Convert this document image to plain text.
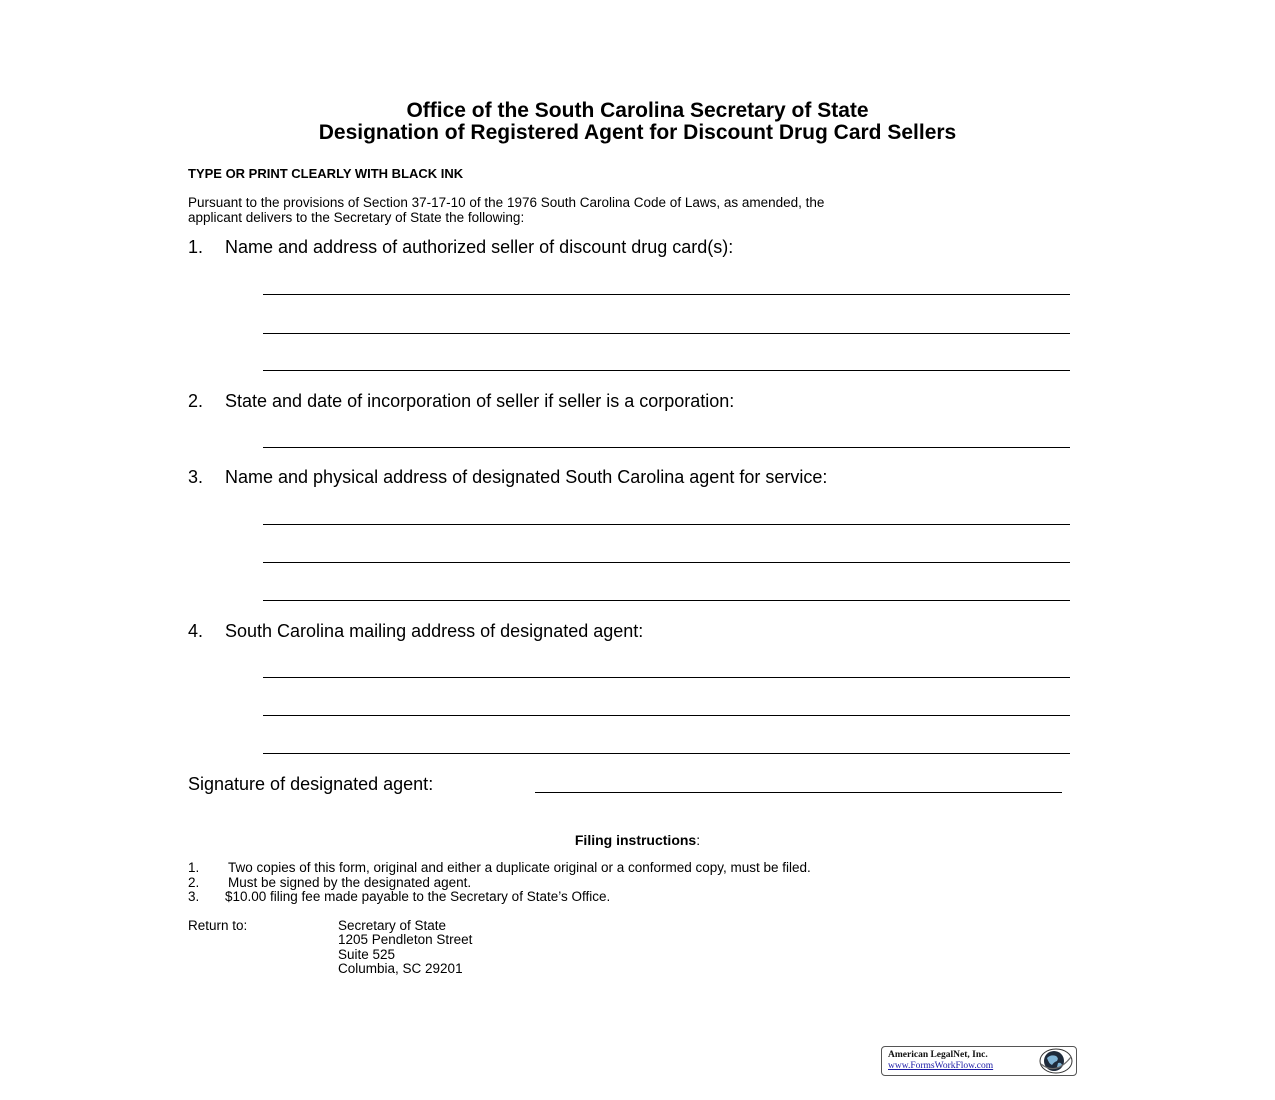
Office of the South Carolina Secretary of State
Designation of Registered Agent for Discount Drug Card Sellers
TYPE OR PRINT CLEARLY WITH BLACK INK
Pursuant to the provisions of Section 37-17-10 of the 1976 South Carolina Code of Laws, as amended, the
applicant delivers to the Secretary of State the following:
1. Name and address of authorized seller of discount drug card(s):
2. State and date of incorporation of seller if seller is a corporation:
3. Name and physical address of designated South Carolina agent for service:
4. South Carolina mailing address of designated agent:
Signature of designated agent:
Filing instructions:
1. Two copies of this form, original and either a duplicate original or a conformed copy, must be filed.
2. Must be signed by the designated agent.
3. $10.00 filing fee made payable to the Secretary of State’s Office.
Return to:	Secretary of State
1205 Pendleton Street
Suite 525
Columbia, SC 29201
American LegalNet, Inc.
www.FormsWorkFlow.com
